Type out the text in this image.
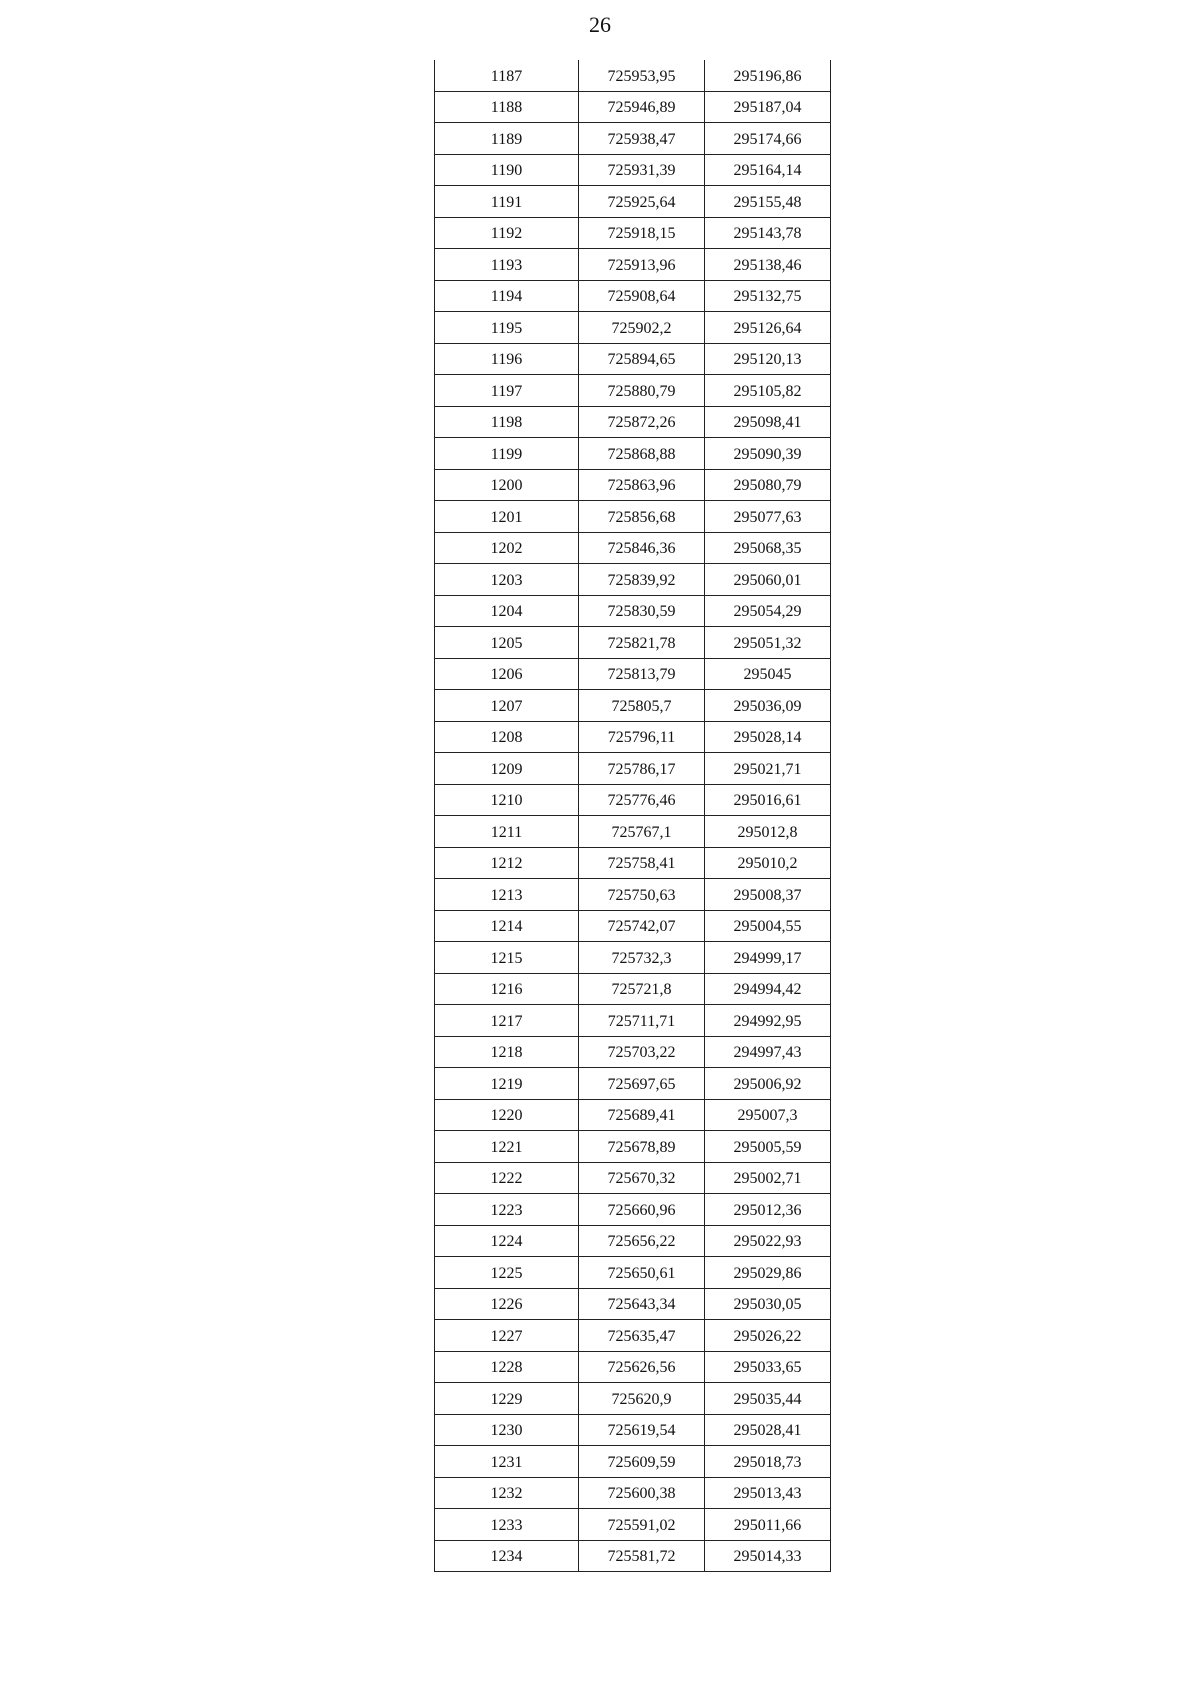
26
1187	725953,95	295196,86
1188	725946,89	295187,04
1189	725938,47	295174,66
1190	725931,39	295164,14
1191	725925,64	295155,48
1192	725918,15	295143,78
1193	725913,96	295138,46
1194	725908,64	295132,75
1195	725902,2	295126,64
1196	725894,65	295120,13
1197	725880,79	295105,82
1198	725872,26	295098,41
1199	725868,88	295090,39
1200	725863,96	295080,79
1201	725856,68	295077,63
1202	725846,36	295068,35
1203	725839,92	295060,01
1204	725830,59	295054,29
1205	725821,78	295051,32
1206	725813,79	295045
1207	725805,7	295036,09
1208	725796,11	295028,14
1209	725786,17	295021,71
1210	725776,46	295016,61
1211	725767,1	295012,8
1212	725758,41	295010,2
1213	725750,63	295008,37
1214	725742,07	295004,55
1215	725732,3	294999,17
1216	725721,8	294994,42
1217	725711,71	294992,95
1218	725703,22	294997,43
1219	725697,65	295006,92
1220	725689,41	295007,3
1221	725678,89	295005,59
1222	725670,32	295002,71
1223	725660,96	295012,36
1224	725656,22	295022,93
1225	725650,61	295029,86
1226	725643,34	295030,05
1227	725635,47	295026,22
1228	725626,56	295033,65
1229	725620,9	295035,44
1230	725619,54	295028,41
1231	725609,59	295018,73
1232	725600,38	295013,43
1233	725591,02	295011,66
1234	725581,72	295014,33
